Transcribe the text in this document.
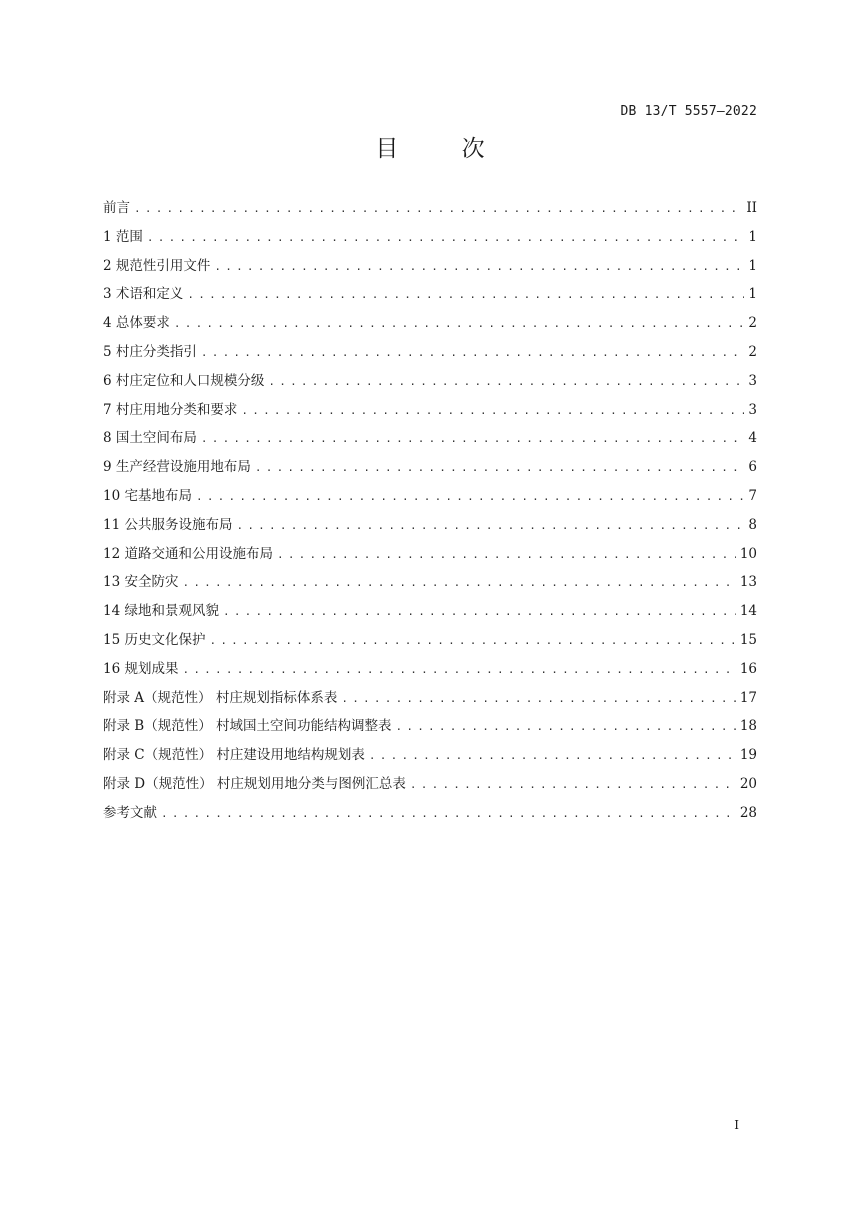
DB 13/T 5557—2022
目 次
前言 . . .	II
1 范围 . . .	1
2 规范性引用文件 . . .	1
3 术语和定义 . . .	1
4 总体要求 . . .	2
5 村庄分类指引 . . .	2
6 村庄定位和人口规模分级 . . .	3
7 村庄用地分类和要求 . . .	3
8 国土空间布局 . . .	4
9 生产经营设施用地布局 . . .	6
10 宅基地布局 . . .	7
11 公共服务设施布局 . . .	8
12 道路交通和公用设施布局 . . .	10
13 安全防灾 . . .	13
14 绿地和景观风貌 . . .	14
15 历史文化保护 . . .	15
16 规划成果 . . .	16
附录 A（规范性） 村庄规划指标体系表 . . .	17
附录 B（规范性） 村域国土空间功能结构调整表 . . .	18
附录 C（规范性） 村庄建设用地结构规划表 . . .	19
附录 D（规范性） 村庄规划用地分类与图例汇总表 . . .	20
参考文献 . . .	28
I
